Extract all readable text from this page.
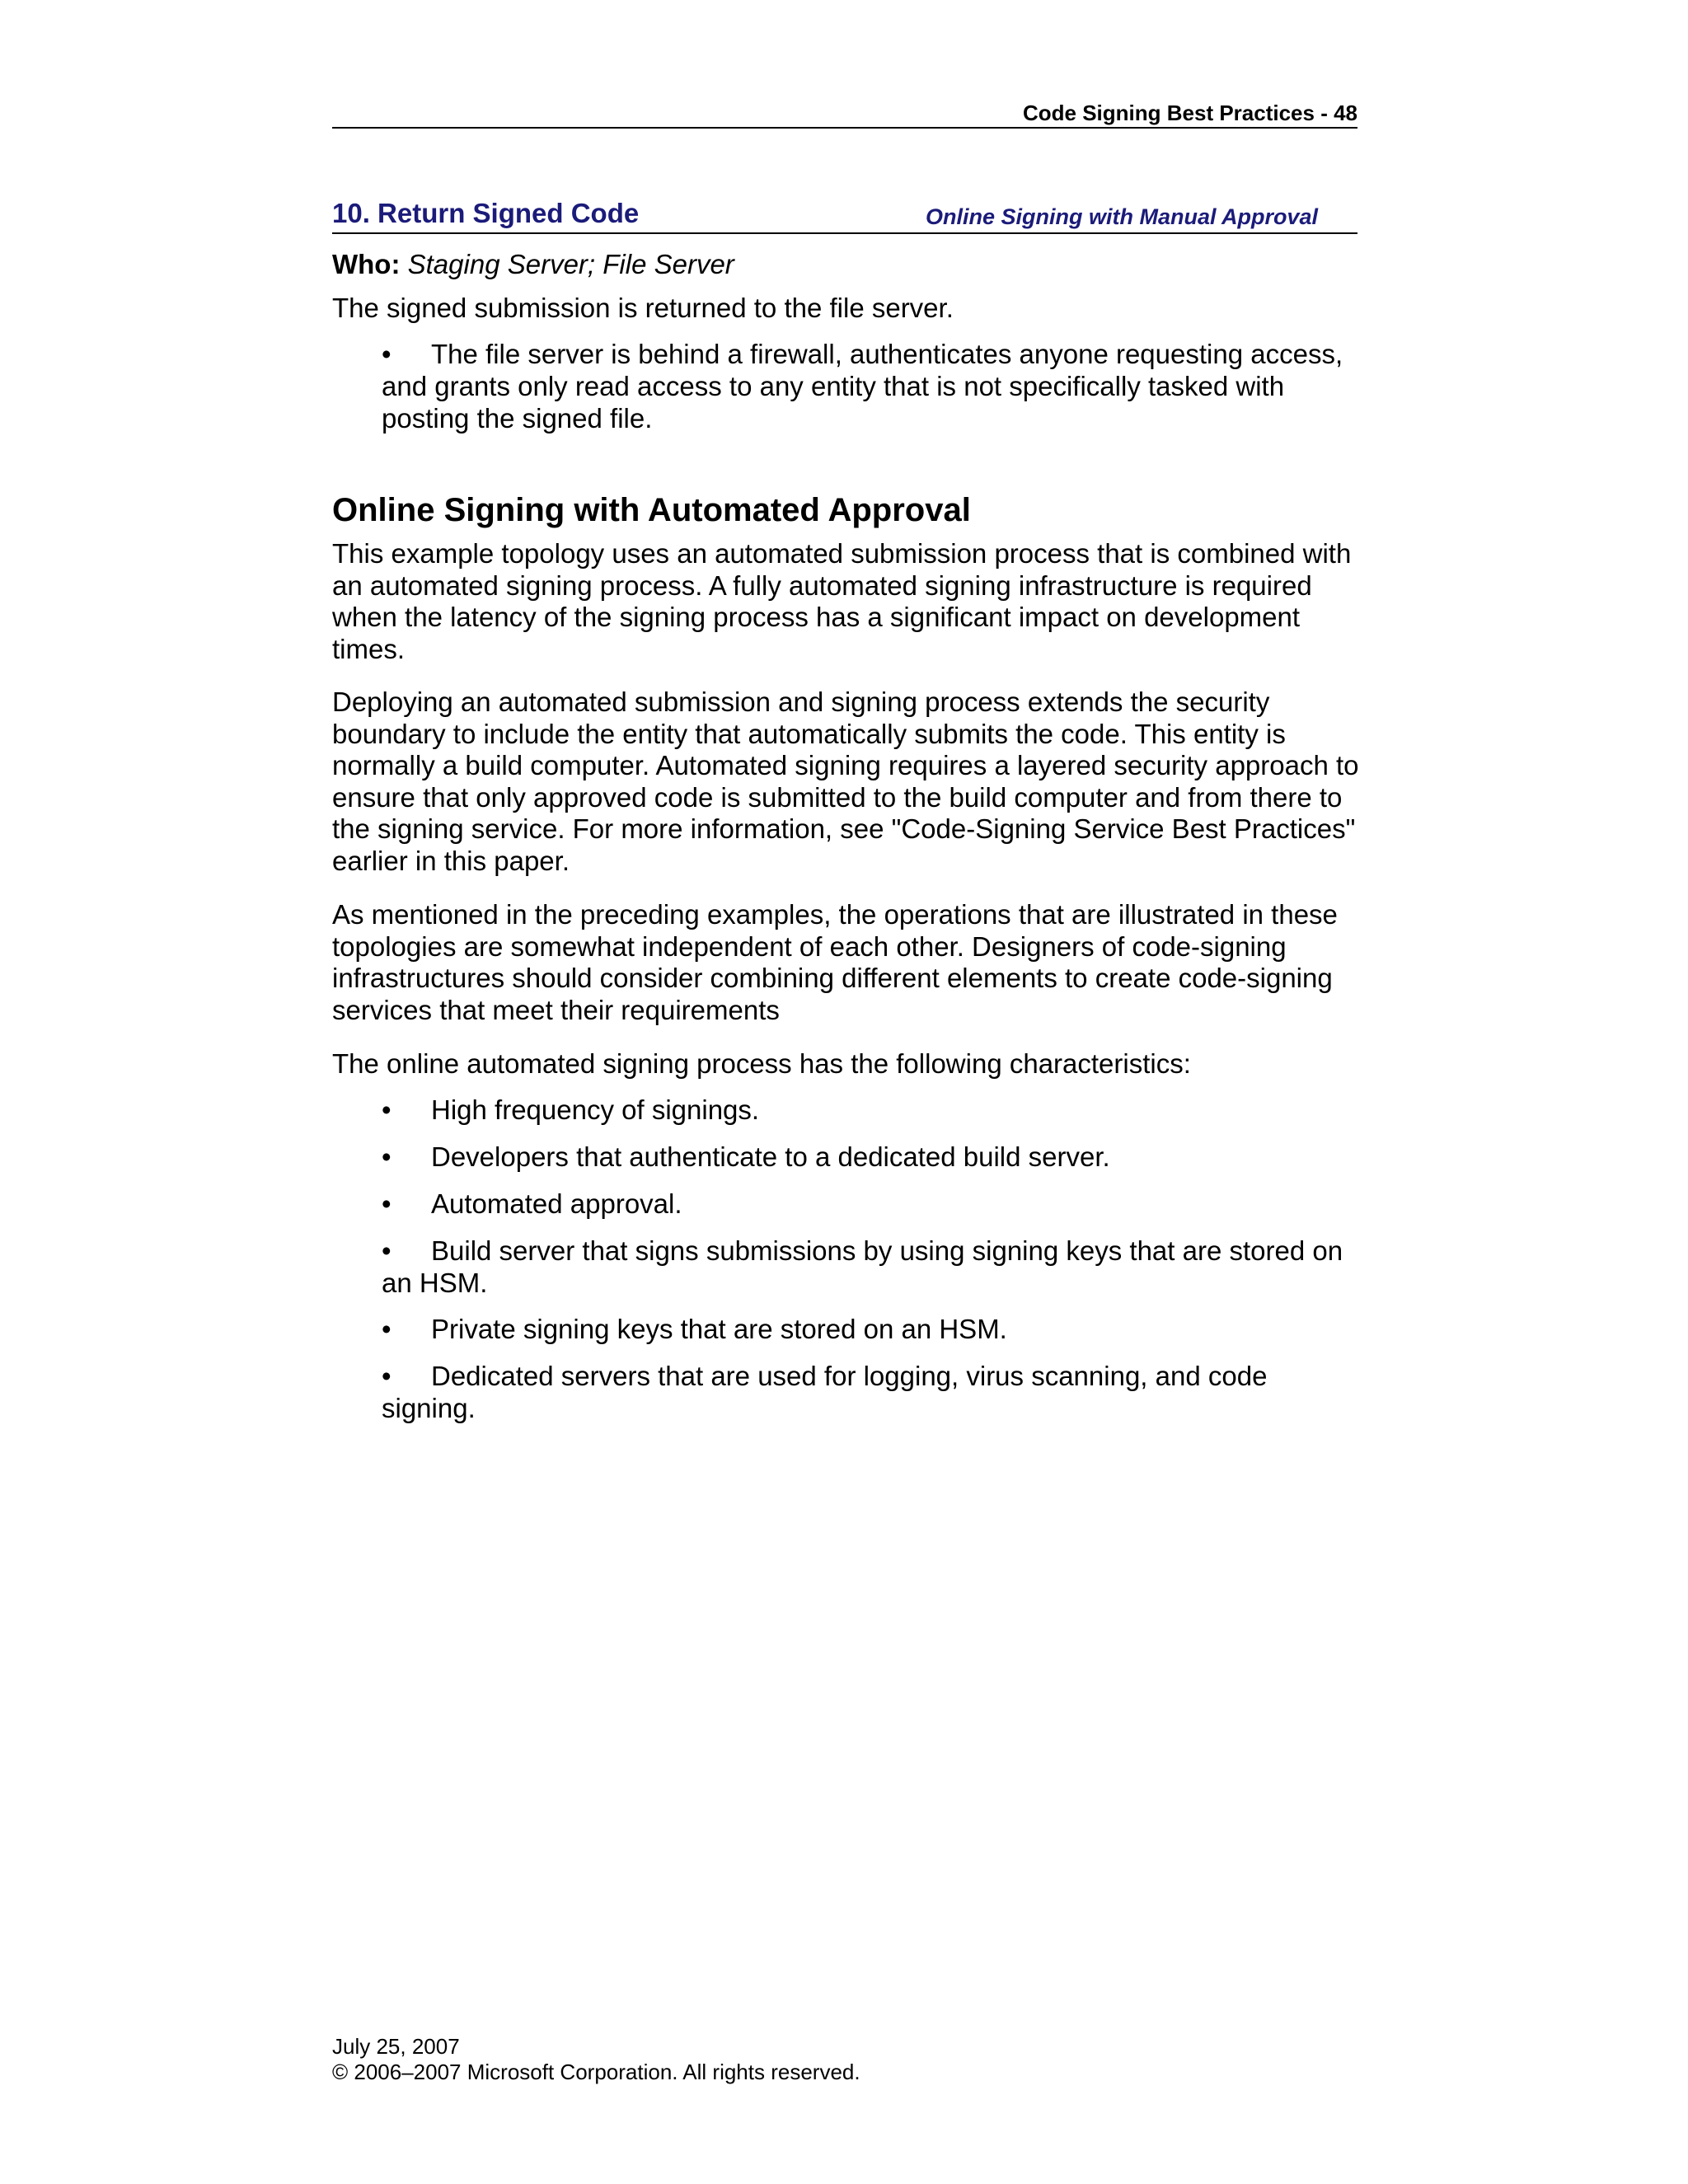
Code Signing Best Practices - 48
10. Return Signed Code	Online Signing with Manual Approval
Who: Staging Server; File Server
The signed submission is returned to the file server.
• The file server is behind a firewall, authenticates anyone requesting access, and grants only read access to any entity that is not specifically tasked with posting the signed file.
Online Signing with Automated Approval
This example topology uses an automated submission process that is combined with an automated signing process. A fully automated signing infrastructure is required when the latency of the signing process has a significant impact on development times.
Deploying an automated submission and signing process extends the security boundary to include the entity that automatically submits the code. This entity is normally a build computer. Automated signing requires a layered security approach to ensure that only approved code is submitted to the build computer and from there to the signing service. For more information, see "Code-Signing Service Best Practices" earlier in this paper.
As mentioned in the preceding examples, the operations that are illustrated in these topologies are somewhat independent of each other. Designers of code-signing infrastructures should consider combining different elements to create code-signing services that meet their requirements
The online automated signing process has the following characteristics:
• High frequency of signings.
• Developers that authenticate to a dedicated build server.
• Automated approval.
• Build server that signs submissions by using signing keys that are stored on an HSM.
• Private signing keys that are stored on an HSM.
• Dedicated servers that are used for logging, virus scanning, and code signing.
July 25, 2007
© 2006–2007 Microsoft Corporation. All rights reserved.
